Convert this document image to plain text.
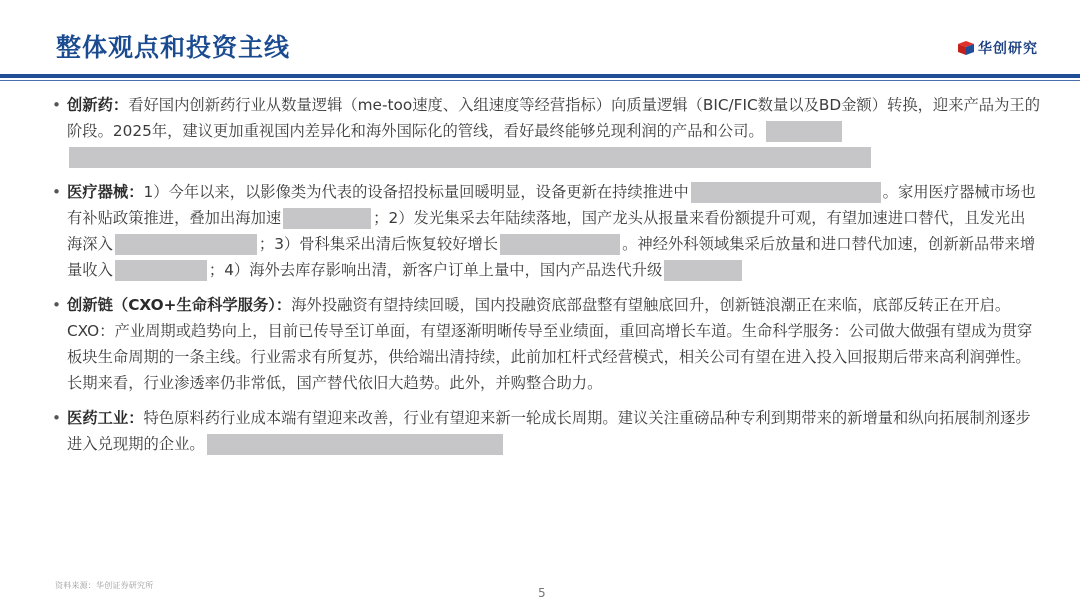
整体观点和投资主线	华创研究
• 创新药：看好国内创新药行业从数量逻辑（me-too速度、入组速度等经营指标）向质量逻辑（BIC/FIC数量以及BD金额）转换，迎来产品为王的阶段。2025年，建议更加重视国内差异化和海外国际化的管线，看好最终能够兑现利润的产品和公司。
• 医疗器械：1）今年以来，以影像类为代表的设备招投标量回暖明显，设备更新在持续推进中	。家用医疗器械市场也有补贴政策推进，叠加出海加速	；2）发光集采去年陆续落地，国产龙头从报量来看份额提升可观，有望加速进口替代，且发光出海深入	；3）骨科集采出清后恢复较好增长	。神经外科领域集采后放量和进口替代加速，创新新品带来增量收入	；4）海外去库存影响出清，新客户订单上量中，国内产品迭代升级
• 创新链（CXO+生命科学服务）：海外投融资有望持续回暖，国内投融资底部盘整有望触底回升，创新链浪潮正在来临，底部反转正在开启。CXO：产业周期或趋势向上，目前已传导至订单面，有望逐渐明晰传导至业绩面，重回高增长车道。生命科学服务：公司做大做强有望成为贯穿板块生命周期的一条主线。行业需求有所复苏，供给端出清持续，此前加杠杆式经营模式，相关公司有望在进入投入回报期后带来高利润弹性。长期来看，行业渗透率仍非常低，国产替代依旧大趋势。此外，并购整合助力。
• 医药工业：特色原料药行业成本端有望迎来改善，行业有望迎来新一轮成长周期。建议关注重磅品种专利到期带来的新增量和纵向拓展制剂逐步进入兑现期的企业。
资料来源：华创证券研究所
5
